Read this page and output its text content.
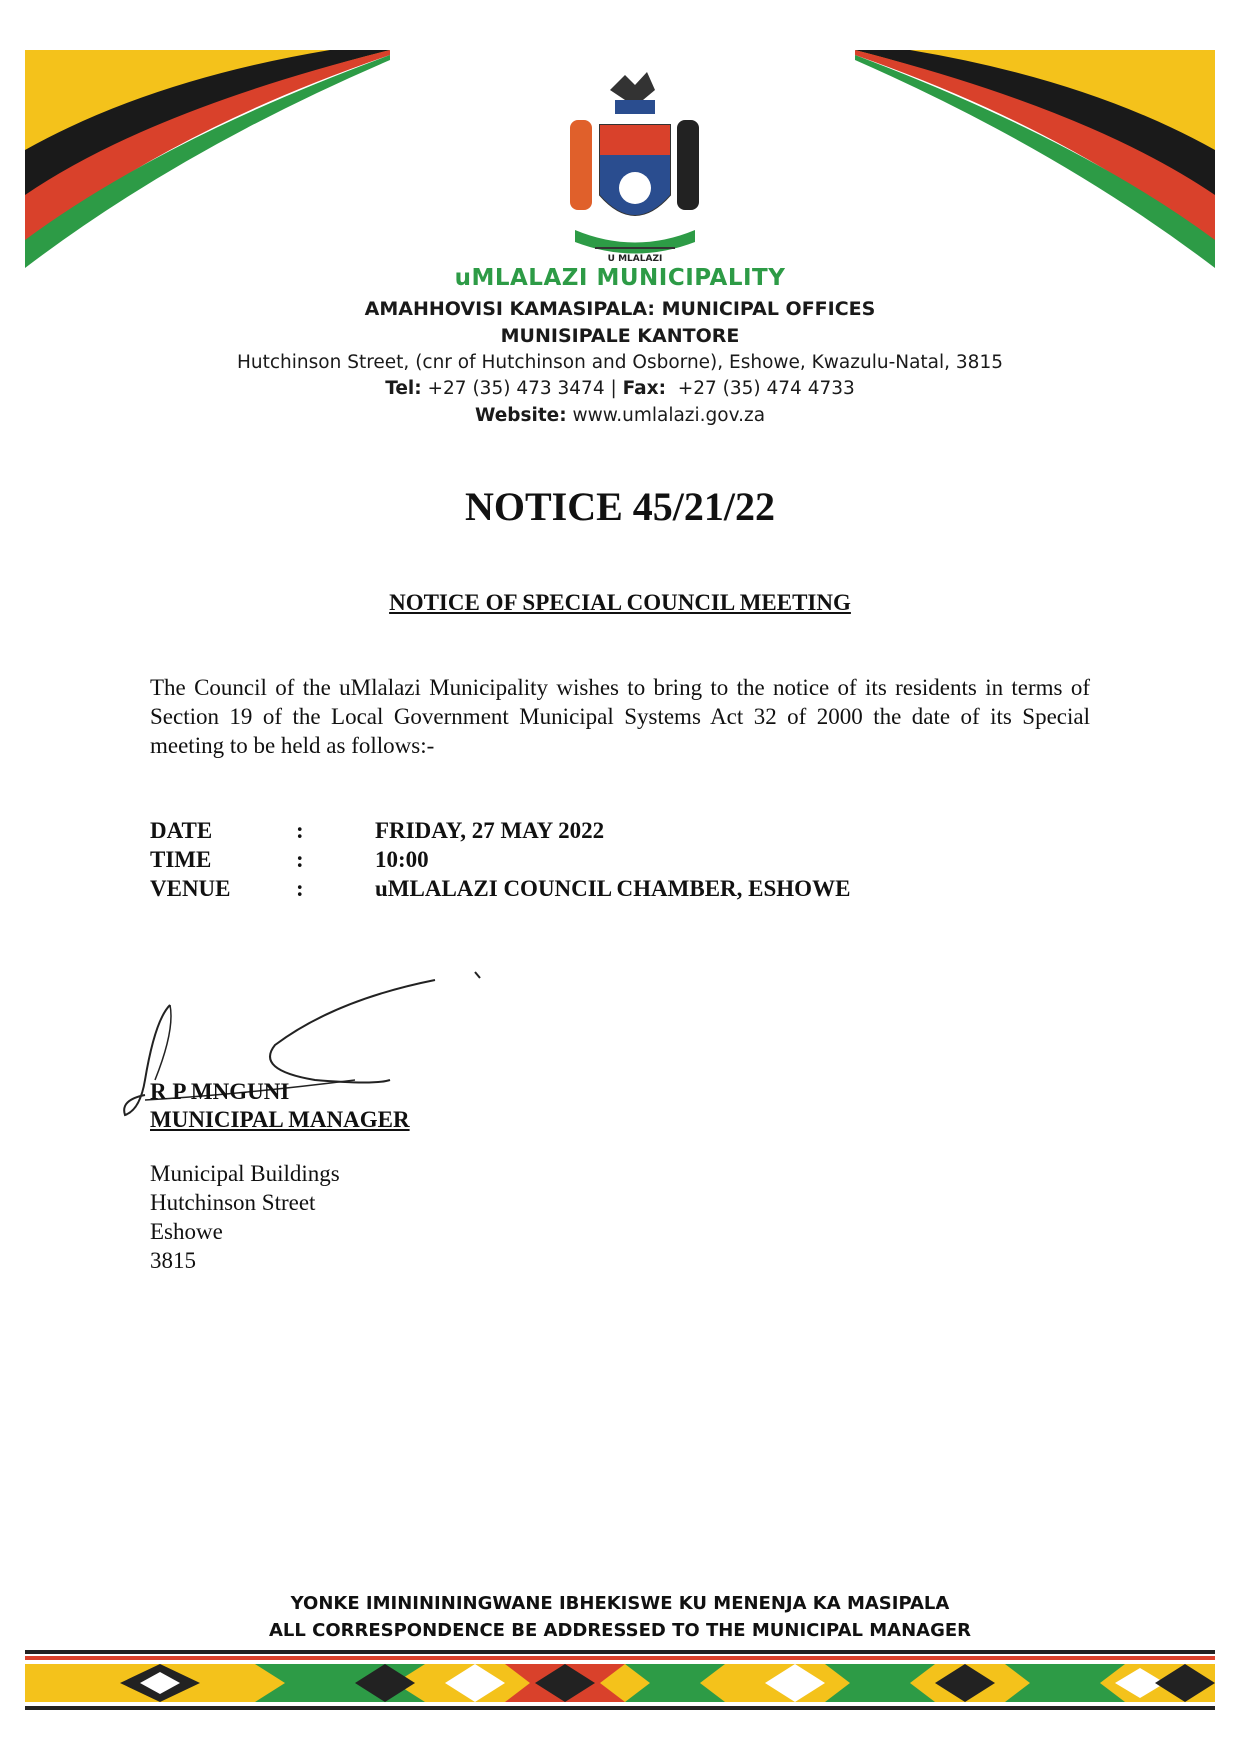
U MLALAZI
uMLALAZI MUNICIPALITY
AMAHHOVISI KAMASIPALA: MUNICIPAL OFFICES
MUNISIPALE KANTORE
Hutchinson Street, (cnr of Hutchinson and Osborne), Eshowe, Kwazulu-Natal, 3815
Tel: +27 (35) 473 3474 | Fax:  +27 (35) 474 4733
Website: www.umlalazi.gov.za
NOTICE 45/21/22
NOTICE OF SPECIAL COUNCIL MEETING
The Council of the uMlalazi Municipality wishes to bring to the notice of its residents in terms of Section 19 of the Local Government Municipal Systems Act 32 of 2000 the date of its Special meeting to be held as follows:-
DATE	:	FRIDAY, 27 MAY 2022
TIME	:	10:00
VENUE	:	uMLALAZI COUNCIL CHAMBER, ESHOWE
R P MNGUNI
MUNICIPAL MANAGER
Municipal Buildings
Hutchinson Street
Eshowe
3815
YONKE IMININININGWANE IBHEKISWE KU MENENJA KA MASIPALA
ALL CORRESPONDENCE BE ADDRESSED TO THE MUNICIPAL MANAGER
